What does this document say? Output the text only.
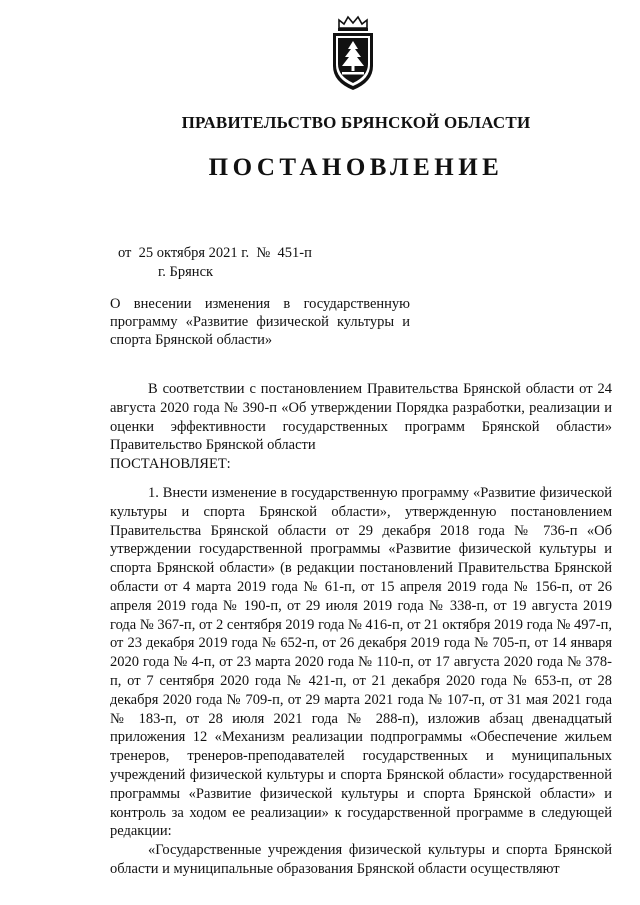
ПРАВИТЕЛЬСТВО БРЯНСКОЙ ОБЛАСТИ
ПОСТАНОВЛЕНИЕ
от  25 октября 2021 г.  №  451-п
г. Брянск
О внесении изменения в государственную программу «Развитие физической культуры и спорта Брянской области»

В соответствии с постановлением Правительства Брянской области от 24 августа 2020 года № 390-п «Об утверждении Порядка разработки, реализации и оценки эффективности государственных программ Брянской области» Правительство Брянской области

ПОСТАНОВЛЯЕТ:

1. Внести изменение в государственную программу «Развитие физической культуры и спорта Брянской области», утвержденную постановлением Правительства Брянской области от 29 декабря 2018 года № 736-п «Об утверждении государственной программы «Развитие физической культуры и спорта Брянской области» (в редакции постановлений Правительства Брянской области от 4 марта 2019 года № 61-п, от 15 апреля 2019 года № 156-п, от 26 апреля 2019 года № 190-п, от 29 июля 2019 года № 338-п, от 19 августа 2019 года № 367-п, от 2 сентября 2019 года № 416-п, от 21 октября 2019 года № 497-п, от 23 декабря 2019 года № 652-п, от 26 декабря 2019 года № 705-п, от 14 января 2020 года № 4-п, от 23 марта 2020 года № 110-п, от 17 августа 2020 года № 378-п, от 7 сентября 2020 года № 421-п, от 21 декабря 2020 года № 653-п, от 28 декабря 2020 года № 709-п, от 29 марта 2021 года № 107-п, от 31 мая 2021 года № 183-п, от 28 июля 2021 года № 288-п), изложив абзац двенадцатый приложения 12 «Механизм реализации подпрограммы «Обеспечение жильем тренеров, тренеров-преподавателей государственных и муниципальных учреждений физической культуры и спорта Брянской области» государственной программы «Развитие физической культуры и спорта Брянской области» и контроль за ходом ее реализации» к государственной программе в следующей редакции:

«Государственные учреждения физической культуры и спорта Брянской области и муниципальные образования Брянской области осуществляют
